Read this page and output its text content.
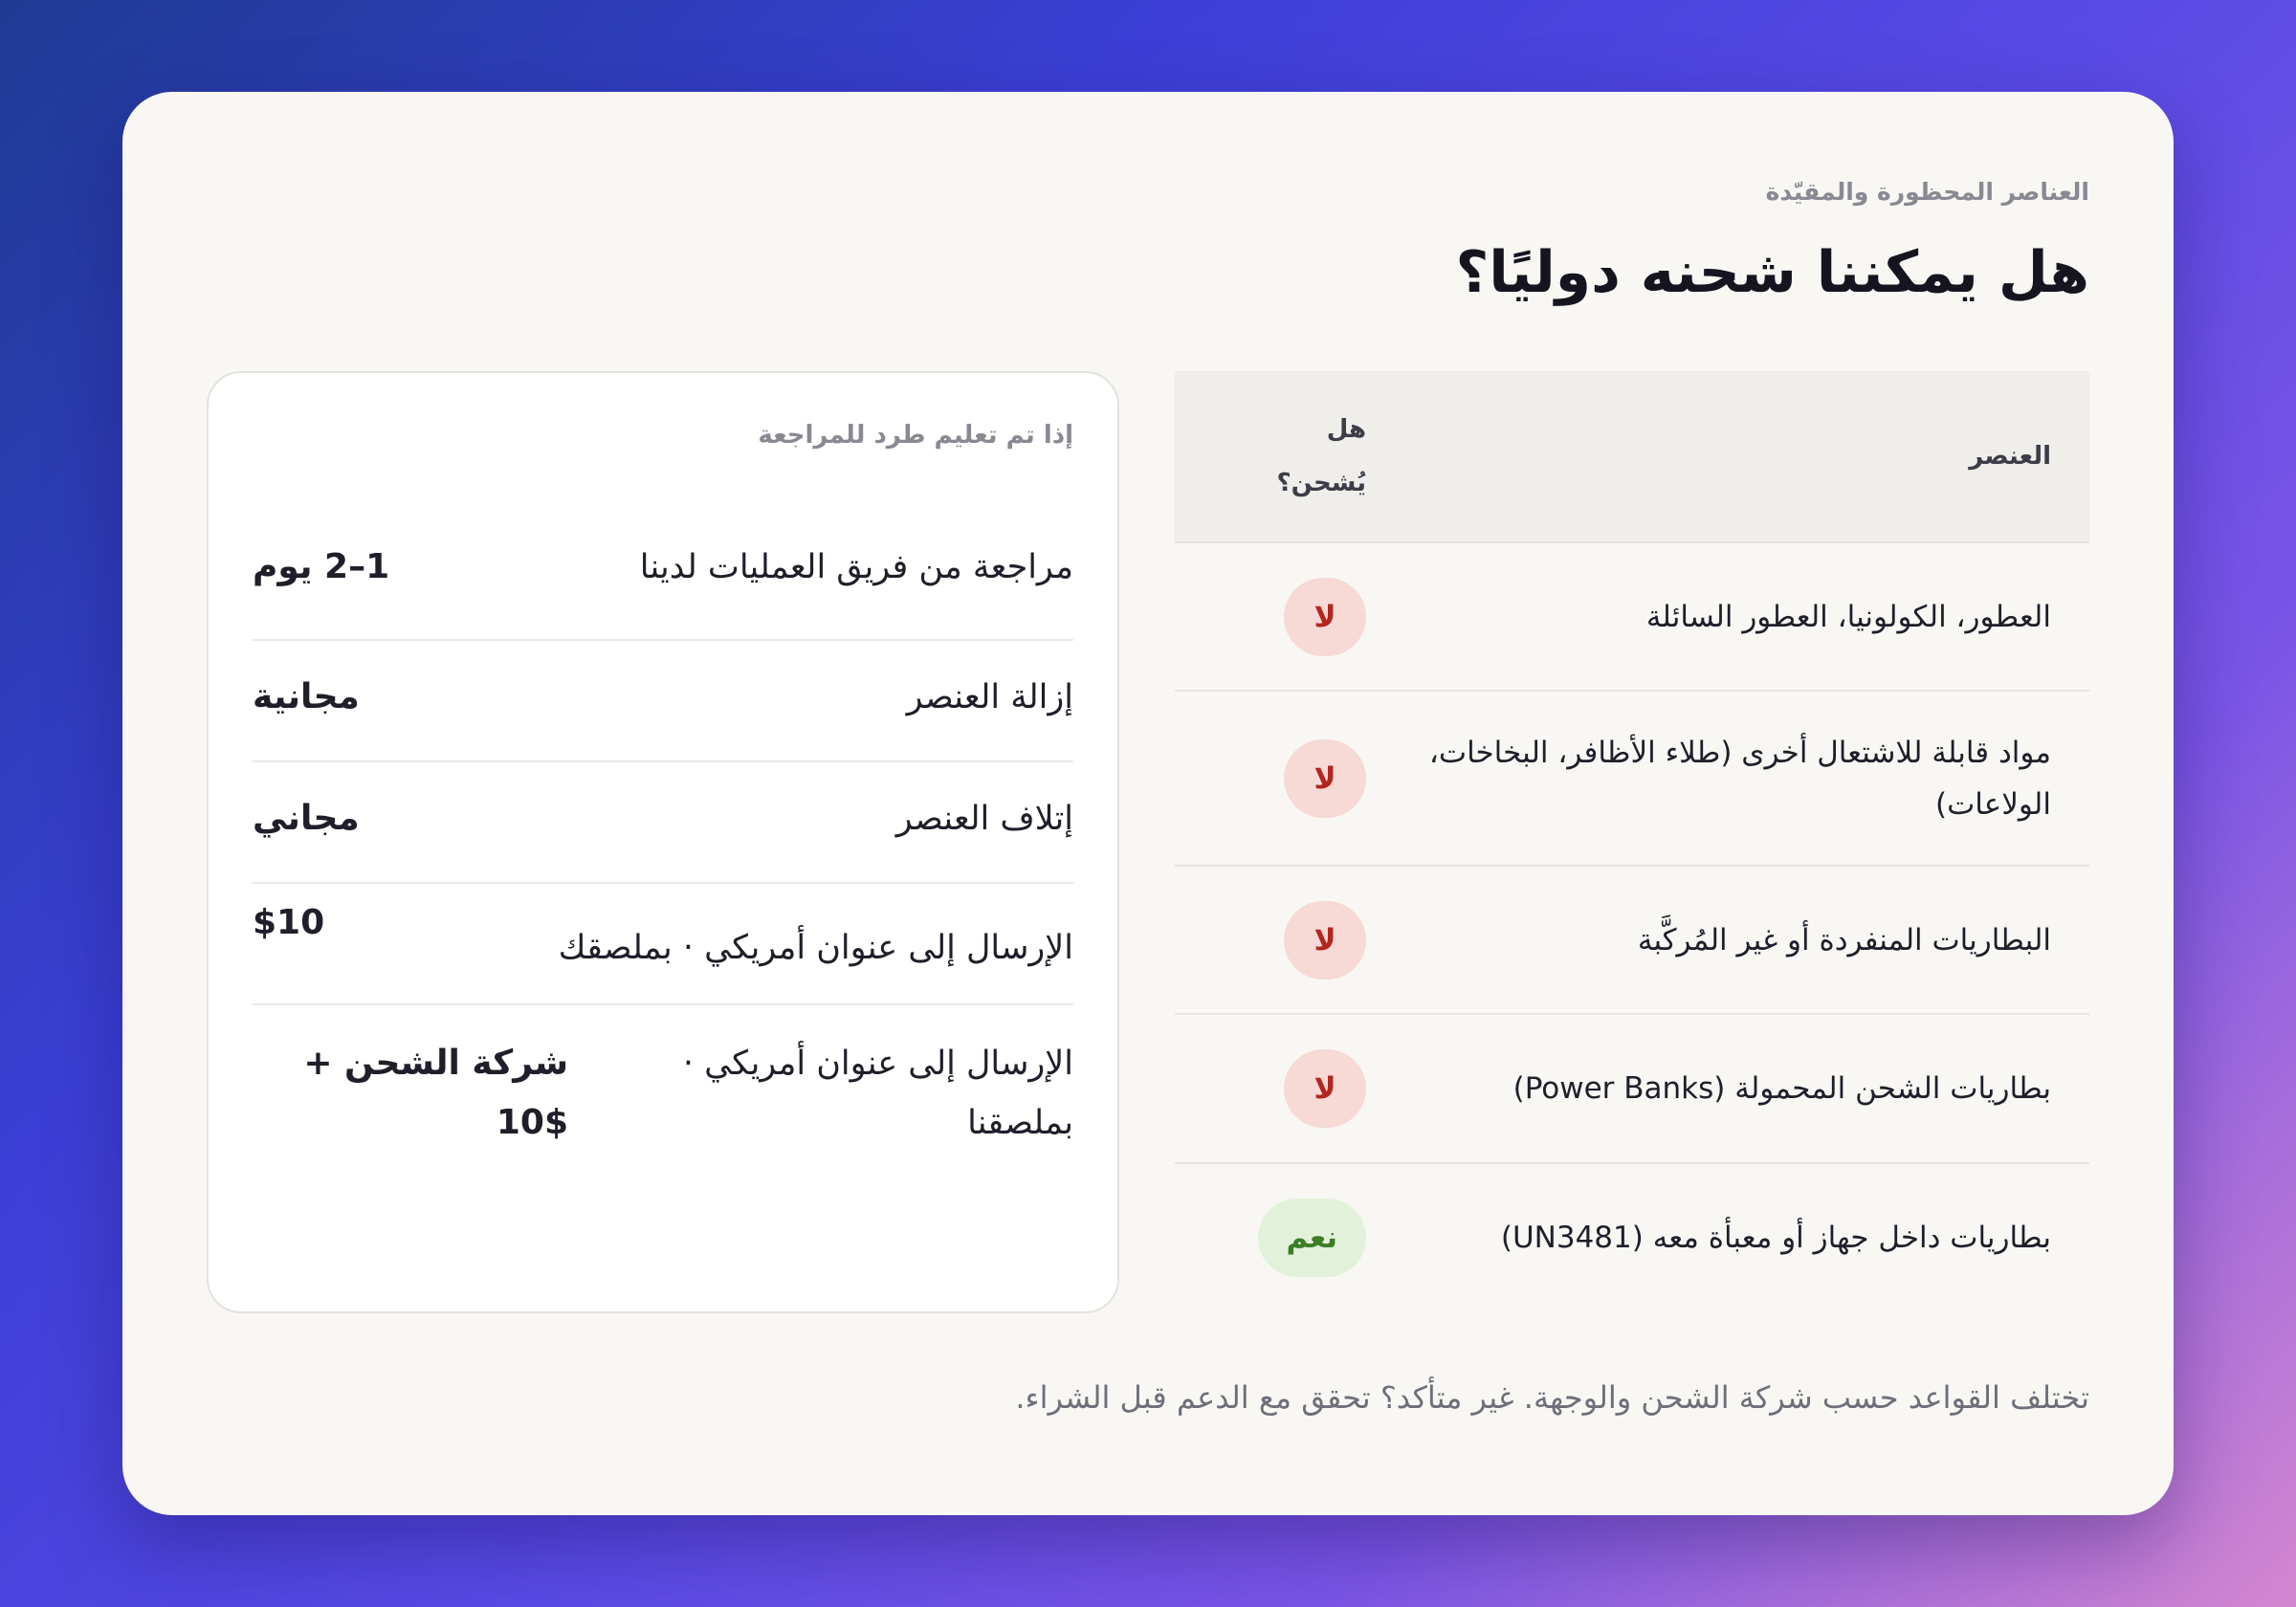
العناصر المحظورة والمقيّدة
هل يمكننا شحنه دوليًا؟
العنصر
هل
يُشحن؟
العطور، الكولونيا، العطور السائلة
لا
مواد قابلة للاشتعال أخرى (طلاء الأظافر، البخاخات، الولاعات)
لا
البطاريات المنفردة أو غير المُركَّبة
لا
بطاريات الشحن المحمولة (Power Banks)
لا
بطاريات داخل جهاز أو معبأة معه (UN3481)
نعم
إذا تم تعليم طرد للمراجعة
مراجعة من فريق العمليات لدينا
1–2 يوم
إزالة العنصر
مجانية
إتلاف العنصر
مجاني
الإرسال إلى عنوان أمريكي · بملصقك
$10
الإرسال إلى عنوان أمريكي ·
بملصقنا
شركة الشحن +
10$
تختلف القواعد حسب شركة الشحن والوجهة. غير متأكد؟ تحقق مع الدعم قبل الشراء.
